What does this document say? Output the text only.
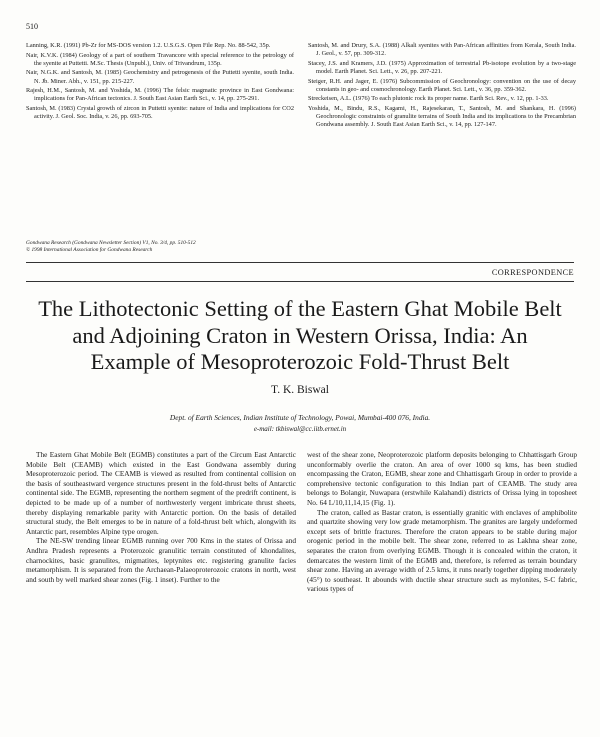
510
Lanning, K.R. (1991) Pb-Zr for MS-DOS version 1.2. U.S.G.S. Open File Rep. No. 88-542, 35p.
Nair, K.V.K. (1984) Geology of a part of southern Travancore with special reference to the petrology of the syenite at Puttetti. M.Sc. Thesis (Unpubl.), Univ. of Trivandrum, 135p.
Nair, N.G.K. and Santosh, M. (1985) Geochemistry and petrogenesis of the Puttetti syenite, south India. N. Jb. Miner. Abh., v. 151, pp. 215-227.
Rajesh, H.M., Santosh, M. and Yoshida, M. (1996) The felsic magmatic province in East Gondwana: implications for Pan-African tectonics. J. South East Asian Earth Sci., v. 14, pp. 275-291.
Santosh, M. (1983) Crystal growth of zircon in Puttetti syenite: nature of India and implications for CO2 activity. J. Geol. Soc. India, v. 26, pp. 693-705.
Santosh, M. and Drury, S.A. (1988) Alkali syenites with Pan-African affinities from Kerala, South India. J. Geol., v. 57, pp. 309-312.
Stacey, J.S. and Kramers, J.D. (1975) Approximation of terrestrial Pb-isotope evolution by a two-stage model. Earth Planet. Sci. Lett., v. 26, pp. 207-221.
Steiger, R.H. and Jager, E. (1976) Subcommission of Geochronology: convention on the use of decay constants in geo- and cosmochronology. Earth Planet. Sci. Lett., v. 36, pp. 359-362.
Streckeisen, A.L. (1976) To each plutonic rock its proper name. Earth Sci. Rev., v. 12, pp. 1-33.
Yoshida, M., Bindu, R.S., Kagami, H., Rajesekaran, T., Santosh, M. and Shankara, H. (1996) Geochronologic constraints of granulite terrains of South India and its implications to the Precambrian Gondwana assembly. J. South East Asian Earth Sci., v. 14, pp. 127-147.
Gondwana Research (Gondwana Newsletter Section) V1, No. 3/4, pp. 510-512
© 1998 International Association for Gondwana Research
CORRESPONDENCE
The Lithotectonic Setting of the Eastern Ghat Mobile Belt and Adjoining Craton in Western Orissa, India: An Example of Mesoproterozoic Fold-Thrust Belt
T. K. Biswal
Dept. of Earth Sciences, Indian Institute of Technology, Powai, Mumbai-400 076, India.
e-mail: tkbiswal@cc.iitb.ernet.in

The Eastern Ghat Mobile Belt (EGMB) constitutes a part of the Circum East Antarctic Mobile Belt (CEAMB) which existed in the East Gondwana assembly during Mesoproterozoic period. The CEAMB is viewed as resulted from continental collision on the basis of southeastward vergence structures present in the fold-thrust belts of Antarctic continental side. The EGMB, representing the northern segment of the predrift continent, is depicted to be made up of a number of northwesterly vergent imbricate thrust sheets, thereby displaying remarkable parity with Antarctic portion. On the basis of detailed structural study, the Belt emerges to be in nature of a fold-thrust belt which, alongwith its Antarctic part, resembles Alpine type orogen.

The NE-SW trending linear EGMB running over 700 Kms in the states of Orissa and Andhra Pradesh represents a Proterozoic granulitic terrain constituted of khondalites, charnockites, basic granulites, migmatites, leptynites etc. registering granulite facies metamorphism. It is separated from the Archaean-Palaeoproterozoic cratons in north, west and south by well marked shear zones (Fig. 1 inset). Further to the

west of the shear zone, Neoproterozoic platform deposits belonging to Chhattisgarh Group unconformably overlie the craton. An area of over 1000 sq kms, has been studied encompassing the Craton, EGMB, shear zone and Chhattisgarh Group in order to provide a comprehensive tectonic configuration to this Indian part of CEAMB. The study area belongs to Bolangir, Nuwapara (erstwhile Kalahandi) districts of Orissa lying in toposheet No. 64 L/10,11,14,15 (Fig. 1).

The craton, called as Bastar craton, is essentially granitic with enclaves of amphibolite and quartzite showing very low grade metamorphism. The granites are largely undeformed except sets of brittle fractures. Therefore the craton appears to be stable during major orogenic period in the mobile belt. The shear zone, referred to as Lakhna shear zone, separates the craton from overlying EGMB. Though it is concealed within the craton, it demarcates the western limit of the EGMB and, therefore, is referred as terrain boundary shear zone. Having an average width of 2.5 kms, it runs nearly together dipping moderately (45°) to southeast. It abounds with ductile shear structure such as mylonites, S-C fabric, various types of
